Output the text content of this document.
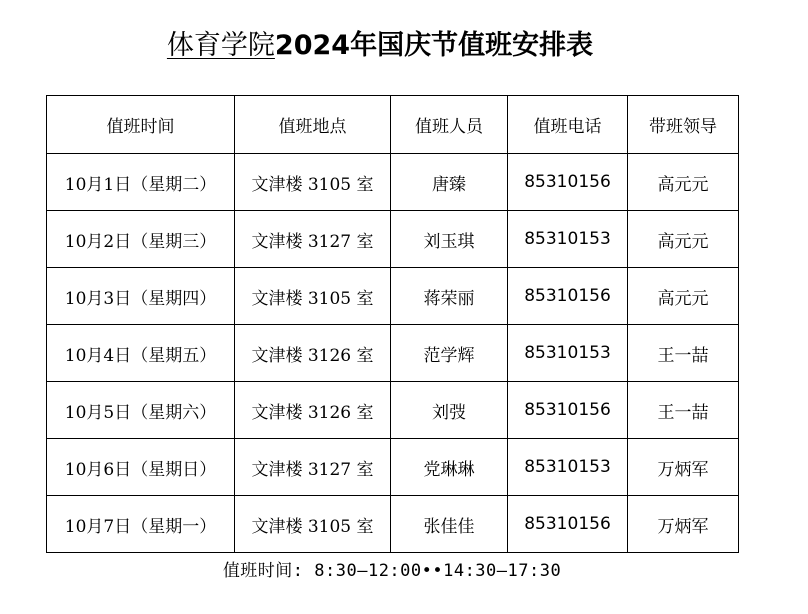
体育学院2024年国庆节值班安排表
值班时间	值班地点	值班人员	值班电话	带班领导
10月1日（星期二）	文津楼 3105 室	唐臻	85310156	高元元
10月2日（星期三）	文津楼 3127 室	刘玉琪	85310153	高元元
10月3日（星期四）	文津楼 3105 室	蒋荣丽	85310156	高元元
10月4日（星期五）	文津楼 3126 室	范学辉	85310153	王一喆
10月5日（星期六）	文津楼 3126 室	刘弢	85310156	王一喆
10月6日（星期日）	文津楼 3127 室	党琳琳	85310153	万炳军
10月7日（星期一）	文津楼 3105 室	张佳佳	85310156	万炳军
值班时间: 8:30—12:00••14:30—17:30
